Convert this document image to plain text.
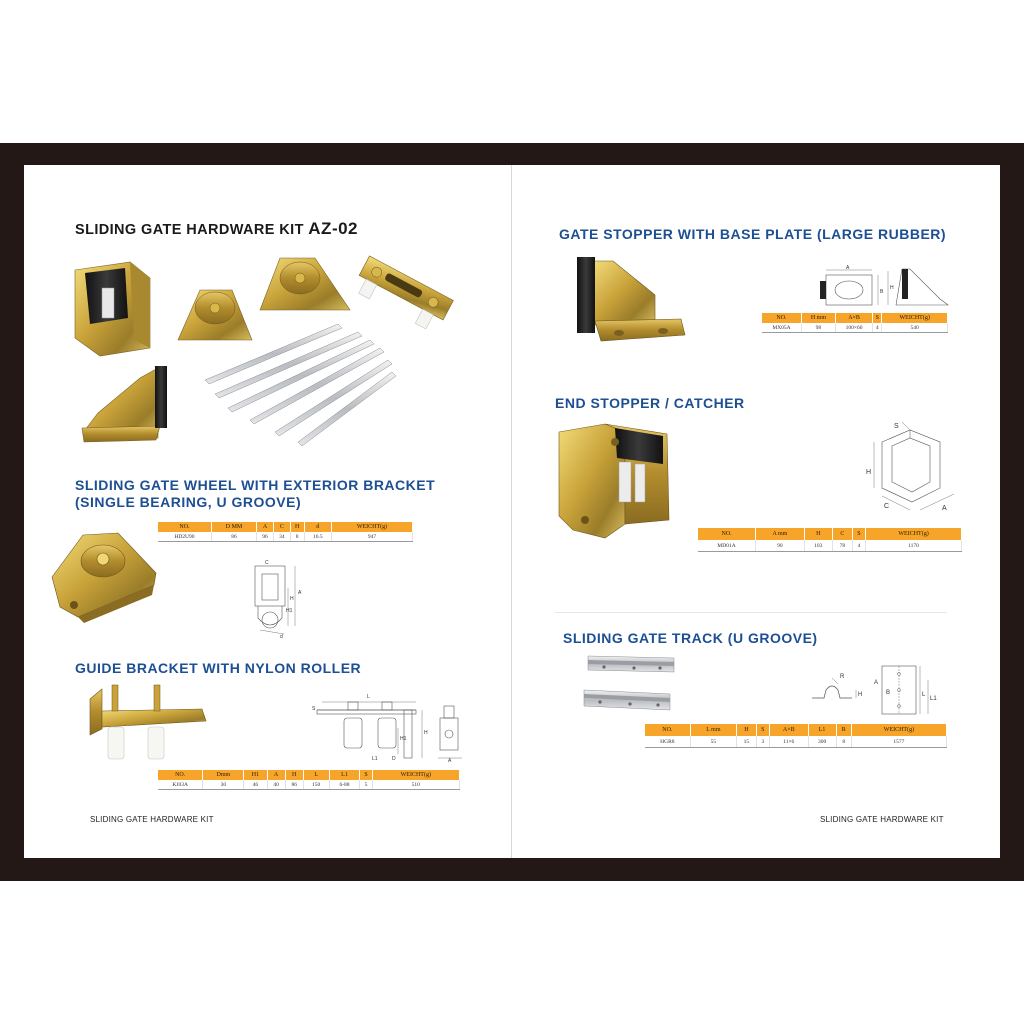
SLIDING GATE HARDWARE KIT AZ-02
SLIDING GATE WHEEL WITH EXTERIOR BRACKET
(SINGLE BEARING, U GROOVE)
NO.	D MM	A	C	H	d	WEICHT(g)
HD2U90	86	96	34	8	16.5	947
C
H1
H
A
d
GUIDE BRACKET WITH NYLON ROLLER
L
S
H1
H
L1	D	A
NO.	Dmm	H1	A	H	L	L1	S	WEICHT(g)
KJ03A	30	46	40	86	150	6-88	5	510
SLIDING GATE HARDWARE KIT
GATE STOPPER WITH BASE PLATE (LARGE RUBBER)
A
B
H
NO.	H mm	A×B	S	WEICHT(g)
MX05A	98	100×60	4	540
END STOPPER / CATCHER
S
H
C	A
NO.	A mm	H	C	S	WEICHT(g)
MD01A	90	103	78	4	1170
SLIDING GATE TRACK (U GROOVE)
R
H
A
B	L
L1
NO.	L mm	H	S	A×B	L1	R	WEICHT(g)
HGR8	55	15	3	11×6	300	8	1577
SLIDING GATE HARDWARE KIT
